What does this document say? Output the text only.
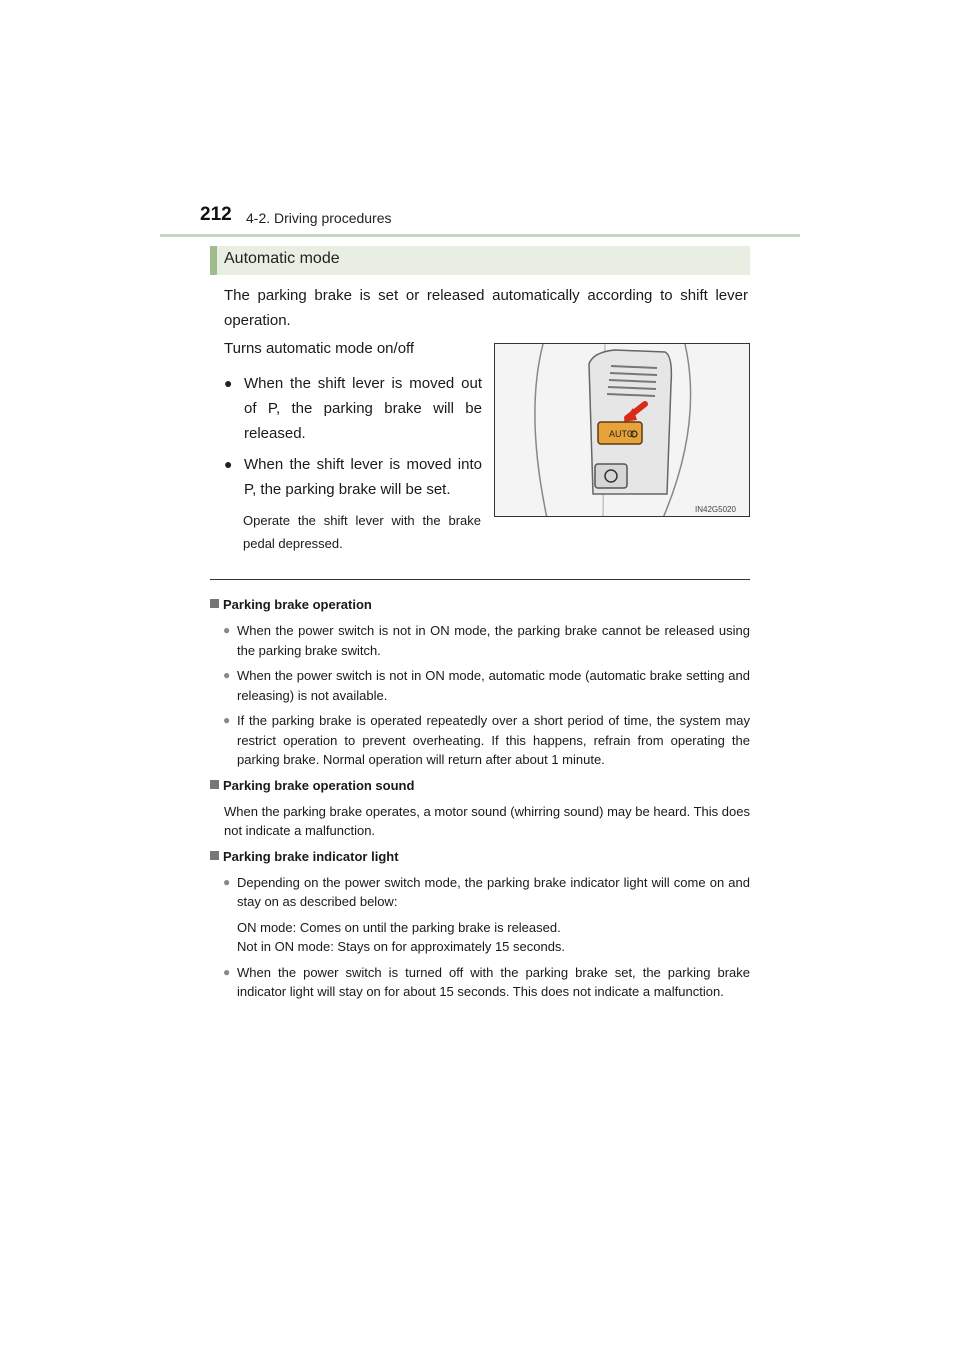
212 4-2. Driving procedures
Automatic mode
The parking brake is set or released automatically according to shift lever operation.
Turns automatic mode on/off
● When the shift lever is moved out of P, the parking brake will be released.
● When the shift lever is moved into P, the parking brake will be set.
Operate the shift lever with the brake pedal depressed.
AUTO
IN42G5020
Parking brake operation
● When the power switch is not in ON mode, the parking brake cannot be released using the parking brake switch.
● When the power switch is not in ON mode, automatic mode (automatic brake setting and releasing) is not available.
● If the parking brake is operated repeatedly over a short period of time, the system may restrict operation to prevent overheating. If this happens, refrain from operating the parking brake. Normal operation will return after about 1 minute.
Parking brake operation sound
When the parking brake operates, a motor sound (whirring sound) may be heard. This does not indicate a malfunction.
Parking brake indicator light
● Depending on the power switch mode, the parking brake indicator light will come on and stay on as described below:
ON mode: Comes on until the parking brake is released.
Not in ON mode: Stays on for approximately 15 seconds.
● When the power switch is turned off with the parking brake set, the parking brake indicator light will stay on for about 15 seconds. This does not indicate a malfunction.
